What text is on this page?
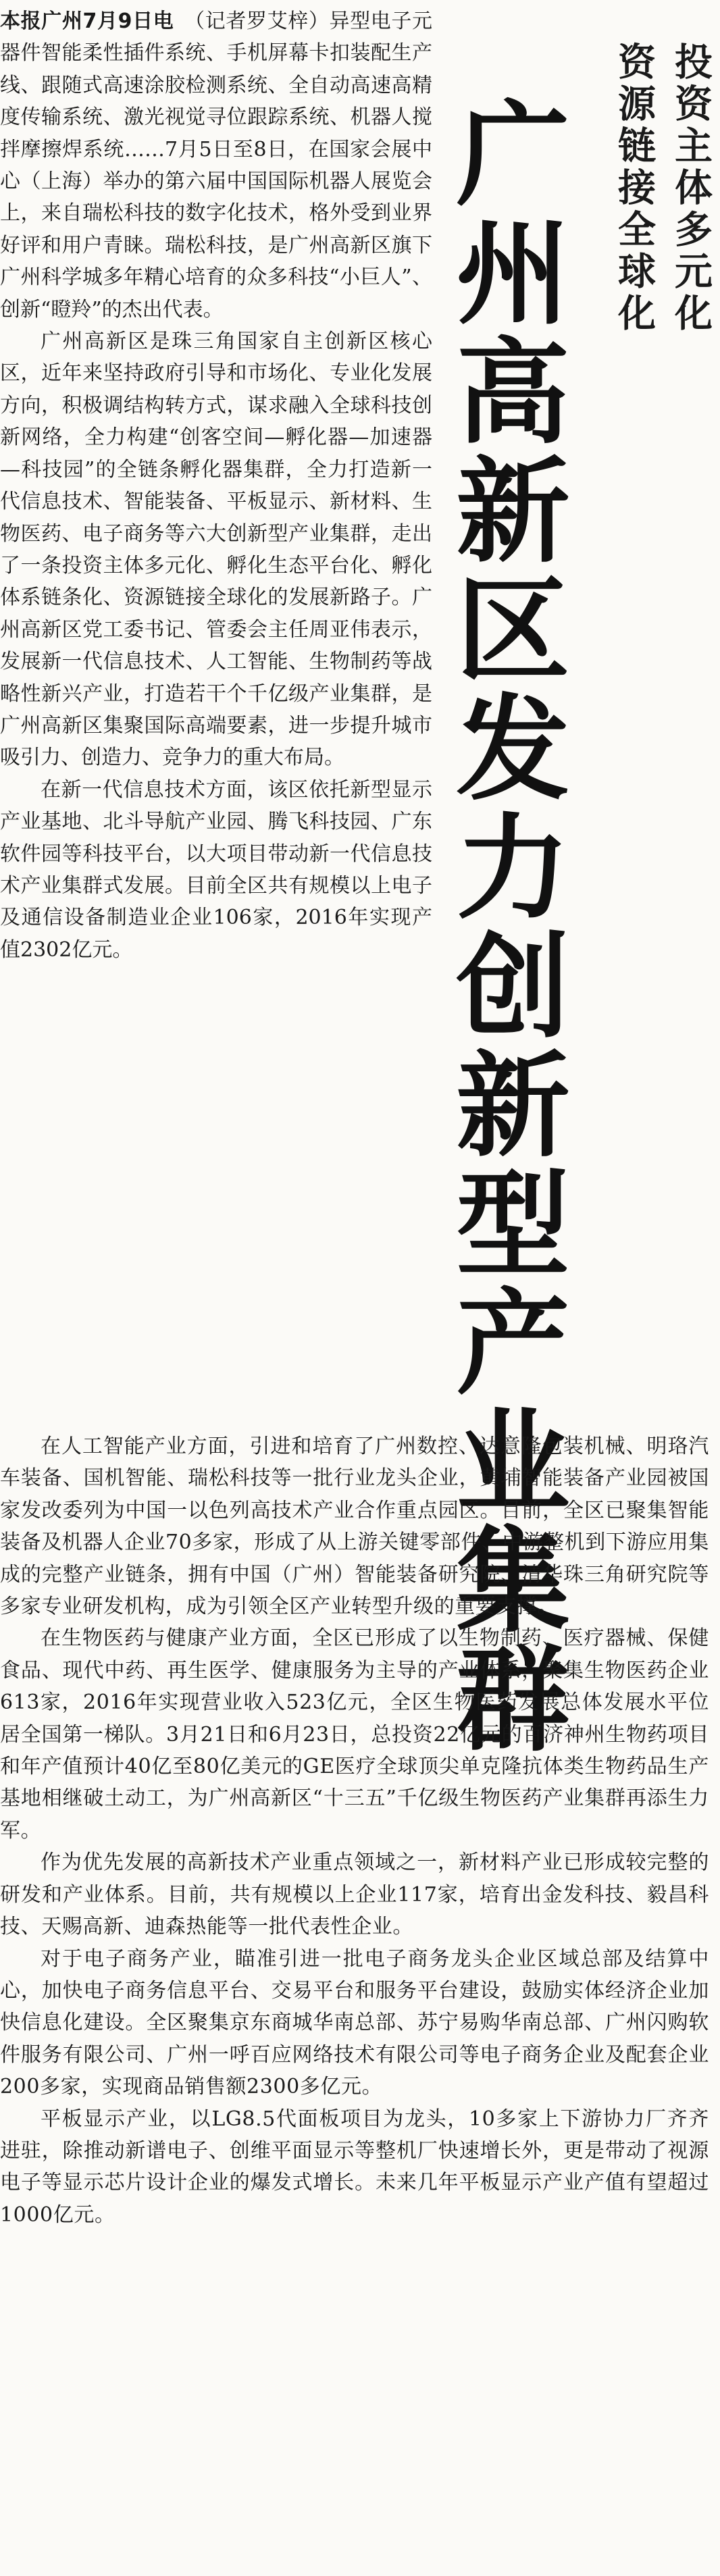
本报广州7月9日电　 （记者罗艾梓）异型电子元器件智能柔性插件系统、手机屏幕卡扣装配生产线、跟随式高速涂胶检测系统、全自动高速高精度传输系统、激光视觉寻位跟踪系统、机器人搅拌摩擦焊系统……7月5日至8日，在国家会展中心（上海）举办的第六届中国国际机器人展览会上，来自瑞松科技的数字化技术，格外受到业界好评和用户青睐。瑞松科技，是广州高新区旗下广州科学城多年精心培育的众多科技“小巨人”、创新“瞪羚”的杰出代表。

广州高新区是珠三角国家自主创新区核心区，近年来坚持政府引导和市场化、专业化发展方向，积极调结构转方式，谋求融入全球科技创新网络，全力构建“创客空间—孵化器—加速器—科技园”的全链条孵化器集群，全力打造新一代信息技术、智能装备、平板显示、新材料、生物医药、电子商务等六大创新型产业集群，走出了一条投资主体多元化、孵化生态平台化、孵化体系链条化、资源链接全球化的发展新路子。广州高新区党工委书记、管委会主任周亚伟表示，发展新一代信息技术、人工智能、生物制药等战略性新兴产业，打造若干个千亿级产业集群，是广州高新区集聚国际高端要素，进一步提升城市吸引力、创造力、竞争力的重大布局。

在新一代信息技术方面，该区依托新型显示产业基地、北斗导航产业园、腾飞科技园、广东软件园等科技平台，以大项目带动新一代信息技术产业集群式发展。目前全区共有规模以上电子及通信设备制造业企业106家，2016年实现产值2302亿元。

投资主体多元化
资源链接全球化
广州高新区发力创新型产业集群

在人工智能产业方面，引进和培育了广州数控、达意隆包装机械、明珞汽车装备、国机智能、瑞松科技等一批行业龙头企业，黄埔智能装备产业园被国家发改委列为中国一以色列高技术产业合作重点园区。目前，全区已聚集智能装备及机器人企业70多家，形成了从上游关键零部件、中游整机到下游应用集成的完整产业链条，拥有中国（广州）智能装备研究院、清华珠三角研究院等多家专业研发机构，成为引领全区产业转型升级的重要支撑。

在生物医药与健康产业方面，全区已形成了以生物制药、医疗器械、保健食品、现代中药、再生医学、健康服务为主导的产业体系，聚集生物医药企业613家，2016年实现营业收入523亿元，全区生物医药发展总体发展水平位居全国第一梯队。3月21日和6月23日，总投资22亿元的百济神州生物药项目和年产值预计40亿至80亿美元的GE医疗全球顶尖单克隆抗体类生物药品生产基地相继破土动工，为广州高新区“十三五”千亿级生物医药产业集群再添生力军。

作为优先发展的高新技术产业重点领域之一，新材料产业已形成较完整的研发和产业体系。目前，共有规模以上企业117家，培育出金发科技、毅昌科技、天赐高新、迪森热能等一批代表性企业。

对于电子商务产业，瞄准引进一批电子商务龙头企业区域总部及结算中心，加快电子商务信息平台、交易平台和服务平台建设，鼓励实体经济企业加快信息化建设。全区聚集京东商城华南总部、苏宁易购华南总部、广州闪购软件服务有限公司、广州一呼百应网络技术有限公司等电子商务企业及配套企业200多家，实现商品销售额2300多亿元。

平板显示产业，以LG8.5代面板项目为龙头，10多家上下游协力厂齐齐进驻，除推动新谱电子、创维平面显示等整机厂快速增长外，更是带动了视源电子等显示芯片设计企业的爆发式增长。未来几年平板显示产业产值有望超过1000亿元。
